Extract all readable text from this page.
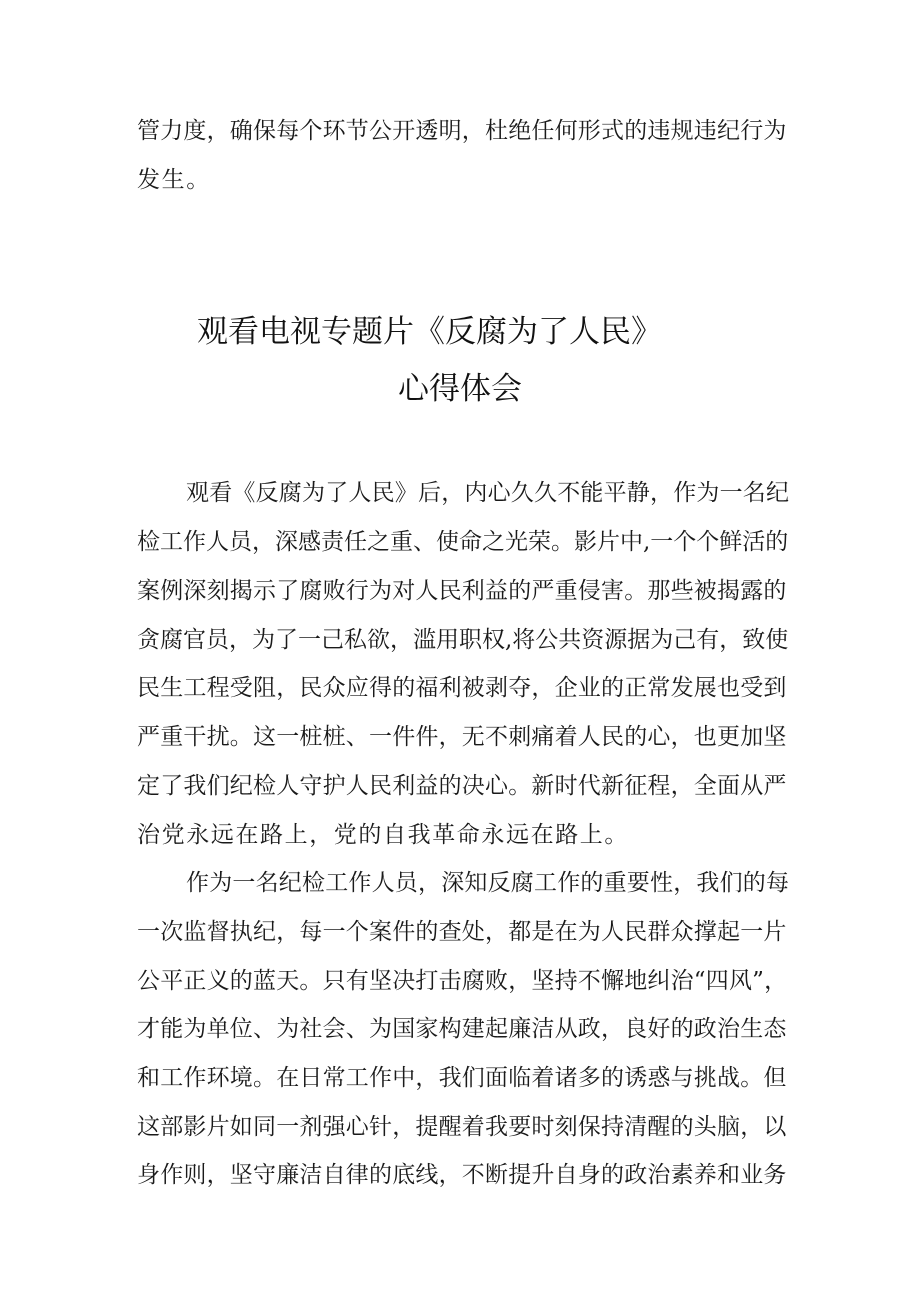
管力度，确保每个环节公开透明，杜绝任何形式的违规违纪行为
发生。
观看电视专题片《反腐为了人民》
心得体会
观看《反腐为了人民》后，内心久久不能平静，作为一名纪
检工作人员，深感责任之重、使命之光荣。影片中,一个个鲜活的
案例深刻揭示了腐败行为对人民利益的严重侵害。那些被揭露的
贪腐官员，为了一己私欲，滥用职权,将公共资源据为己有，致使
民生工程受阻，民众应得的福利被剥夺，企业的正常发展也受到
严重干扰。这一桩桩、一件件，无不刺痛着人民的心，也更加坚
定了我们纪检人守护人民利益的决心。新时代新征程，全面从严
治党永远在路上，党的自我革命永远在路上。
作为一名纪检工作人员，深知反腐工作的重要性，我们的每
一次监督执纪，每一个案件的查处，都是在为人民群众撑起一片
公平正义的蓝天。只有坚决打击腐败，坚持不懈地纠治“四风”，
才能为单位、为社会、为国家构建起廉洁从政，良好的政治生态
和工作环境。在日常工作中，我们面临着诸多的诱惑与挑战。但
这部影片如同一剂强心针，提醒着我要时刻保持清醒的头脑，以
身作则，坚守廉洁自律的底线，不断提升自身的政治素养和业务
